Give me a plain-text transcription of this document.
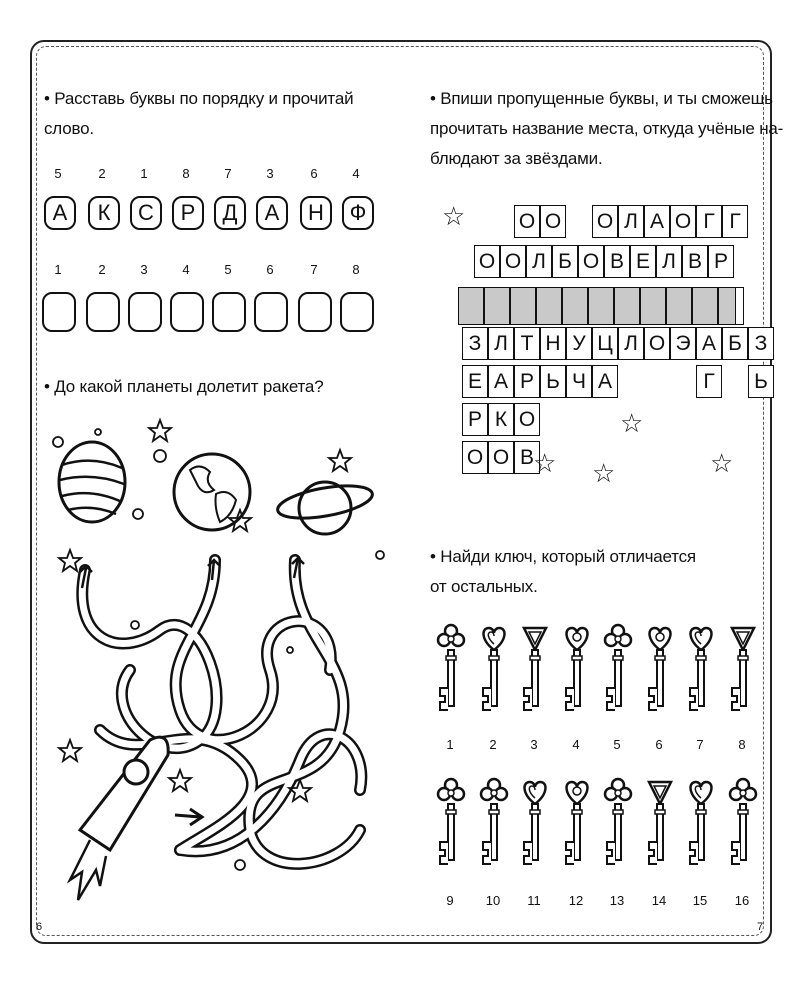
• Расставь буквы по порядку и прочитай
слово.
5	2	1	8	7	3	6	4
А	К	С	Р	Д	А	Н	Ф
1	2	3	4	5	6	7	8
• До какой планеты долетит ракета?
6
• Впиши пропущенные буквы, и ты сможешь
прочитать название места, откуда учёные на-
блюдают за звёздами.
О О О Л А О Г Г
О О Л Б О В Е Л В Р
З Л Т Н У Ц Л О Э А Б З
Е А Р Ь Ч А	Г	Ь
Р К О
О О В
☆
☆
☆ ☆	☆
• Найди ключ, который отличается
от остальных.
1	2	3	4	5	6	7	8
9	10	11	12	13	14	15	16
7
